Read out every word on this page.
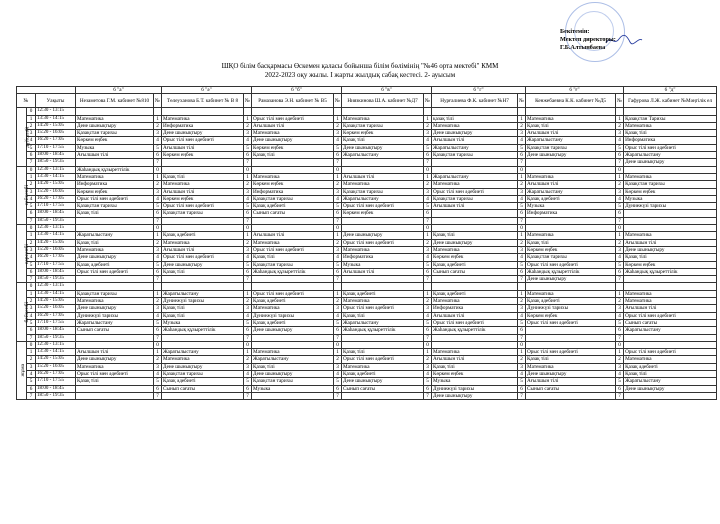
Бекітемін:
Мектеп директоры:
Г.Б.Алтынбаева
ШҚО білім басқармасы Өскемен қаласы бойынша білім бөлімінің "№46 орта мектебі" КММ
2022-2023 оқу жылы. І жарты жылдық сабақ кестесі. 2- ауысым
			6 "а"		6 "ә"		6 "б"		6 "в"		6 "г"		6 "ғ"		6 "д"
№		Уақыты	Незаметова Г.М. кабинет №810	№	Төлеуханова Б.Т. кабинет № В 8	№	Рамазанова Э.Н. кабинет № В5	№	Ниязкинова Ш.А. кабинет №Д7	№	Нурғалиева Ф.К. кабинет №Н7	№	Кенжебаевна К.К. кабинет №Д5	№	Гафурова Л.Ж. кабинет №Мәңгілік ел
дүйсенбі	0	12:30 - 13:15													
	1	13:30 - 14:15	Математика	1	Математика	1	Орыс тілі мен әдебиеті	1	Математика	1	қазақ тілі	1	Математика	1	Қазақстан Тарихы
	2	14:20 - 15:05	Дене шынықтыру	2	Информатика	2	Ағылшын тілі	2	Қазақстан тарихы	2	Математика	2	Қазақ тілі	2	Математика
	3	15:20 - 16:05	Қазақстан тарихы	3	Дене шынықтыру	3	Математика	3	Көркем еңбек	3	Дене шынықтыру	3	Ағылшын тілі	3	Қазақ тілі
	4	16:20 - 17:05	Көркем еңбек	4	Орыс тілі мен әдебиеті	4	Дене шынықтыру	4	Қазақ тілі	4	Ағылшын тілі	4	Жаратылыстану	4	Информатика
	5	17:10 - 17:55	Музыка	5	Ағылшын тілі	5	Көркем еңбек	5	Дене шынықтыру	5	Жаратылыстану	5	Қазақстан тарихы	5	Орыс тілі мен әдебиеті
	6	18:00 - 18:45	Ағылшын тілі	6	Көркем еңбек	6	Қазақ тілі	6	Жаратылыстану	6	Қазақстан тарихы	6	Дене шынықтыру	6	Жаратылыстану
	7	18:50 - 19:35		7		7		7		7		7		7	Дене шынықтыру
сейсенбі	0	12:30 - 13:15	Жаһандық құзыреттілік	0		0		0		0		0		0	
	1	13:30 - 14:15	Математика	1	Қазақ тілі	1	Математика	1	Ағылшын тілі	1	Жаратылыстану	1	Математика	1	Математика
	2	14:20 - 15:05	Информатика	2	Математика	2	Көркем еңбек	2	Математика	2	Математика	2	Ағылшын тілі	2	Қазақстан тарихы
	3	15:20 - 16:05	Көркем еңбек	3	Ағылшын тілі	3	Информатика	3	Қазақстан тарихы	3	Орыс тілі мен әдебиеті	3	Жаратылыстану	3	Көркем еңбек
	4	16:20 - 17:05	Орыс тілі мен әдебиеті	4	Көркем еңбек	4	Қазақстан тарихы	4	Жаратылыстану	4	Қазақстан тарихы	4	Қазақ әдебиеті	4	Музыка
	5	17:10 - 17:55	Қазақстан тарихы	5	Орыс тілі мен әдебиеті	5	Қазақ әдебиеті	5	Орыс тілі мен әдебиеті	5	Ағылшын тілі	5	Музыка	5	Дүниежүзі тарихы
	6	18:00 - 18:45	Қазақ тілі	6	Қазақстан тарихы	6	Сынып сағаты	6	Көркем еңбек	6		6	Информатика	6	
	7	18:50 - 19:35		7		7		7		7		7		7	
сәрсенбі	0	12:30 - 13:15		0		0		0		0		0		0	
	1	13:30 - 14:15	Жаратылыстану	1	Қазақ әдебиеті	1	Ағылшын тілі	1	Дене шынықтыру	1	Қазақ тілі	1	Математика	1	Математика
	2	14:20 - 15:05	Қазақ тілі	2	Математика	2	Математика	2	Орыс тілі мен әдебиеті	2	Дене шынықтыру	2	Қазақ тілі	2	Ағылшын тілі
	3	15:20 - 16:05	Математика	3	Ағылшын тілі	3	Орыс тілі мен әдебиеті	3	Математика	3	Математика	3	Көркем еңбек	3	Дене шынықтыру
	4	16:20 - 17:05	Дене шынықтыру	4	Орыс тілі мен әдебиеті	4	Қазақ тілі	4	Информатика	4	Көркем еңбек	4	Қазақстан тарихы	4	Қазақ тілі
	5	17:10 - 17:55	Қазақ әдебиеті	5	Дене шынықтыру	5	Қазақстан тарихы	5	Музыка	5	Қазақ әдебиеті	5	Орыс тілі мен әдебиеті	5	Көркем еңбек
	6	18:00 - 18:45	Орыс тілі мен әдебиеті	6	Қазақ тілі	6	Жаһандық құзыреттілік	6	Ағылшын тілі	6	Сынып сағаты	6	Жаһандық құзыреттілік	6	Жаһандық құзыреттілік
	7	18:50 - 19:35		7		7		7		7		7	Дене шынықтыру	7	
бейсенбі	0	12:30 - 13:15													
	1	13:30 - 14:15	Қазақстан тарихы	1	Жаратылыстану	1	Орыс тілі мен әдебиеті	1	Қазақ әдебиеті	1	Қазақ әдебиеті	1	Математика	1	Математика
	2	14:20 - 15:05	Математика	2	Дүниежүзі тарихы	2	Қазақ әдебиеті	2	Математика	2	Математика	2	Қазақ әдебиеті	2	Математика
	3	15:20 - 16:05	Дене шынықтыру	3	Қазақ тілі	3	Математика	3	Орыс тілі мен әдебиеті	3	Информатика	3	Дүниежүзі тарихы	3	Ағылшын тілі
	4	16:20 - 17:05	Дүниежүзі тарихы	4	Қазақ тілі	4	Дүниежүзі тарихы	4	Қазақ тілі	4	Ағылшын тілі	4	Көркем еңбек	4	Орыс тілі мен әдебиеті
	5	17:10 - 17:55	Жаратылыстану	5	Музыка	5	Қазақ әдебиеті	5	Жаратылыстану	5	Орыс тілі мен әдебиеті	5	Орыс тілі мен әдебиеті	5	Сынып сағаты
	6	18:00 - 18:45	Сынып сағаты	6	Жаһандық құзыреттілік	6	Дене шынықтыру	6	Жаһандық құзыреттілік	6	Жаһандық құзыреттілік	6		6	Жаратылыстану
	7	18:50 - 19:35		7		7		7		7		7		7	
жұма	0	12:30 - 13:15		0		0		0		0		0		0	
	1	13:30 - 14:15	Ағылшын тілі	1	Жаратылыстану	1	Математика	1	Қазақ тілі	1	Математика	1	Орыс тілі мен әдебиеті	1	Орыс тілі мен әдебиеті
	2	14:20 - 15:05	Дене шынықтыру	2	Математика	2	Жаратылыстану	2	Орыс тілі мен әдебиеті	2	Ағылшын тілі	2	Қазақ тілі	2	Математика
	3	15:20 - 16:05	Математика	3	Дене шынықтыру	3	Қазақ тілі	3	Математика	3	Қазақ тілі	3	Математика	3	Қазақ әдебиеті
	4	16:20 - 17:05	Орыс тілі мен әдебиеті	4	Қазақстан тарихы	4	Дене шынықтыру	4	Қазақ әдебиеті	4	Көркем еңбек	4	Дене шынықтыру	4	Қазақ тілі
	5	17:10 - 17:55	Қазақ тілі	5	Қазақ әдебиеті	5	Қазақстан тарихы	5	Дене шынықтыру	5	Музыка	5	Ағылшын тілі	5	Жаратылыстану
	6	18:00 - 18:45		6	Сынып сағаты	6	Музыка	6	Сынып сағаты	6	Дүниежүзі тарихы	6	Сынып сағаты	6	Дене шынықтыру
	7	18:50 - 19:35		7		7		7		7	Дене шынықтыру	7		7	
